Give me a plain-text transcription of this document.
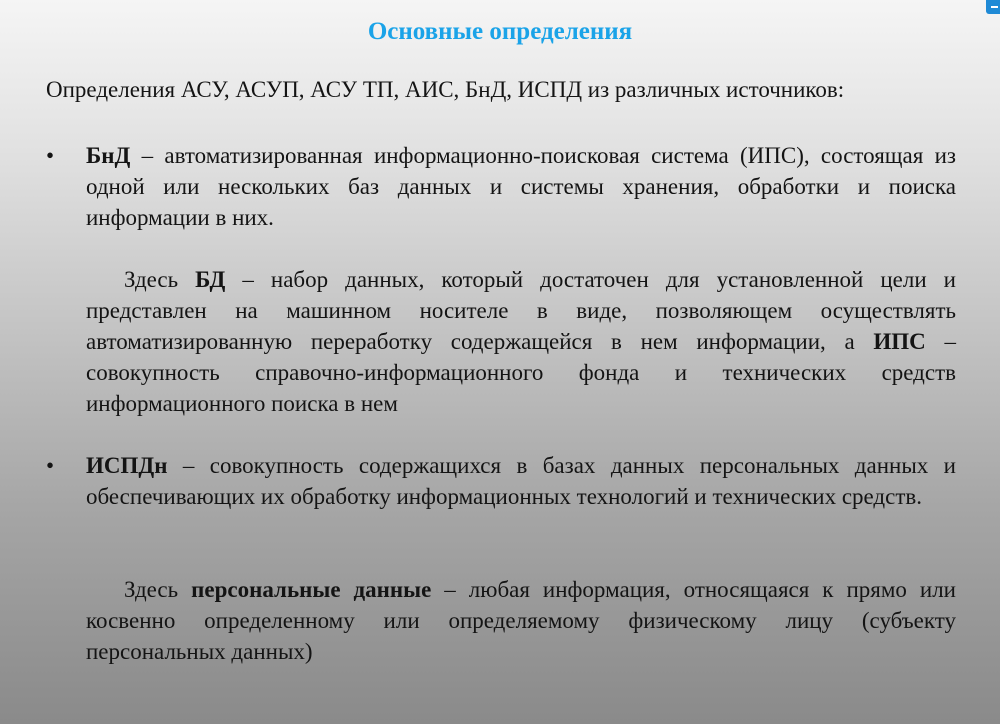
Основные определения
Определения АСУ, АСУП, АСУ ТП, АИС, БнД, ИСПД из различных источников:
• БнД – автоматизированная информационно-поисковая система (ИПС), состоящая из одной или нескольких баз данных и системы хранения, обработки и поиска информации в них.
Здесь БД – набор данных, который достаточен для установленной цели и представлен на машинном носителе в виде, позволяющем осуществлять автоматизированную переработку содержащейся в нем информации, а ИПС – совокупность справочно-информационного фонда и технических средств информационного поиска в нем
• ИСПДн – совокупность содержащихся в базах данных персональных данных и обеспечивающих их обработку информационных технологий и технических средств.
Здесь персональные данные – любая информация, относящаяся к прямо или косвенно определенному или определяемому физическому лицу (субъекту персональных данных)
